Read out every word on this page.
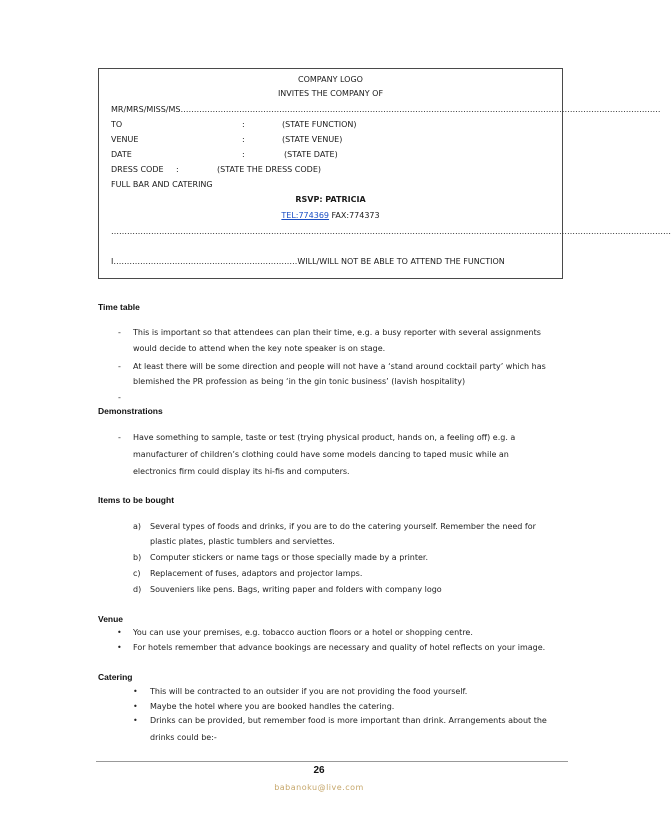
COMPANY LOGO
INVITES THE COMPANY OF
MR/MRS/MISS/MS………………………………………………………………………………………………………………………………………………………………
TO	:	(STATE FUNCTION)
VENUE	:	(STATE VENUE)
DATE	:	(STATE DATE)
DRESS CODE :	(STATE THE DRESS CODE)
FULL BAR AND CATERING
RSVP: PATRICIA
TEL:774369 FAX:774373
…………………………………………………………………………………………………………………………………………………………………………………………
I……………………………………………………………WILL/WILL NOT BE ABLE TO ATTEND THE FUNCTION
Time table
- This is important so that attendees can plan their time, e.g. a busy reporter with several assignments
would decide to attend when the key note speaker is on stage.
- At least there will be some direction and people will not have a ‘stand around cocktail party’ which has
blemished the PR profession as being ‘in the gin tonic business’ (lavish hospitality)
-
Demonstrations
- Have something to sample, taste or test (trying physical product, hands on, a feeling off) e.g. a
manufacturer of children’s clothing could have some models dancing to taped music while an
electronics firm could display its hi-fis and computers.
Items to be bought
a) Several types of foods and drinks, if you are to do the catering yourself. Remember the need for
plastic plates, plastic tumblers and serviettes.
b) Computer stickers or name tags or those specially made by a printer.
c) Replacement of fuses, adaptors and projector lamps.
d) Souveniers like pens. Bags, writing paper and folders with company logo
Venue
• You can use your premises, e.g. tobacco auction floors or a hotel or shopping centre.
• For hotels remember that advance bookings are necessary and quality of hotel reflects on your image.
Catering
• This will be contracted to an outsider if you are not providing the food yourself.
• Maybe the hotel where you are booked handles the catering.
• Drinks can be provided, but remember food is more important than drink. Arrangements about the
drinks could be:-
26
babanoku@live.com
